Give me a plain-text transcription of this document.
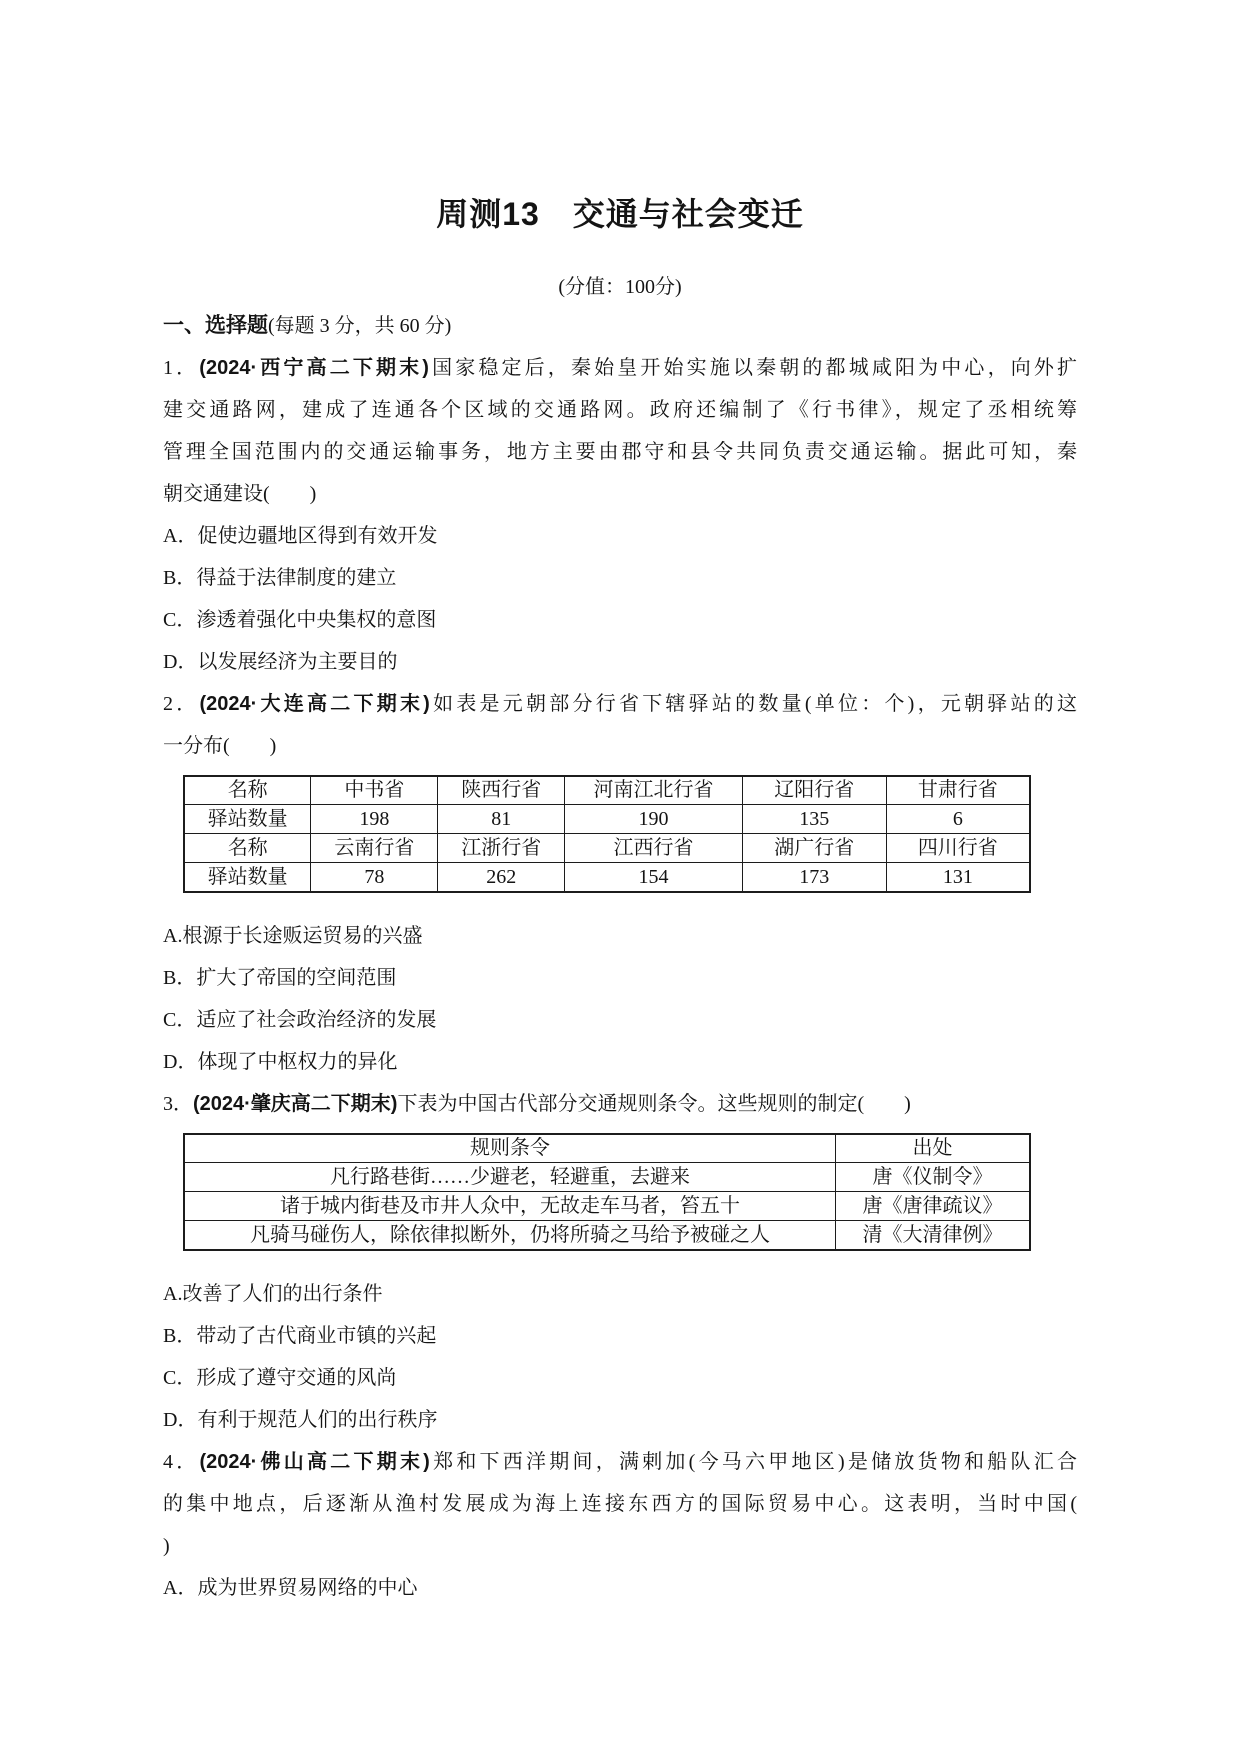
周测13　交通与社会变迁
(分值：100分)
一、选择题(每题 3 分，共 60 分)
1．(2024·西宁高二下期末)国家稳定后，秦始皇开始实施以秦朝的都城咸阳为中心，向外扩
建交通路网，建成了连通各个区域的交通路网。政府还编制了《行书律》，规定了丞相统筹
管理全国范围内的交通运输事务，地方主要由郡守和县令共同负责交通运输。据此可知，秦
朝交通建设(　　)
A．促使边疆地区得到有效开发
B．得益于法律制度的建立
C．渗透着强化中央集权的意图
D．以发展经济为主要目的
2．(2024·大连高二下期末)如表是元朝部分行省下辖驿站的数量(单位：个)，元朝驿站的这
一分布(　　)
名称	中书省	陕西行省	河南江北行省	辽阳行省	甘肃行省
驿站数量	198	81	190	135	6
名称	云南行省	江浙行省	江西行省	湖广行省	四川行省
驿站数量	78	262	154	173	131
A.根源于长途贩运贸易的兴盛
B．扩大了帝国的空间范围
C．适应了社会政治经济的发展
D．体现了中枢权力的异化
3．(2024·肇庆高二下期末)下表为中国古代部分交通规则条令。这些规则的制定(　　)
规则条令	出处
凡行路巷街……少避老，轻避重，去避来	唐《仪制令》
诸于城内街巷及市井人众中，无故走车马者，笞五十	唐《唐律疏议》
凡骑马碰伤人，除依律拟断外，仍将所骑之马给予被碰之人	清《大清律例》
A.改善了人们的出行条件
B．带动了古代商业市镇的兴起
C．形成了遵守交通的风尚
D．有利于规范人们的出行秩序
4．(2024·佛山高二下期末)郑和下西洋期间，满剌加(今马六甲地区)是储放货物和船队汇合
的集中地点，后逐渐从渔村发展成为海上连接东西方的国际贸易中心。这表明，当时中国(
)
A．成为世界贸易网络的中心
